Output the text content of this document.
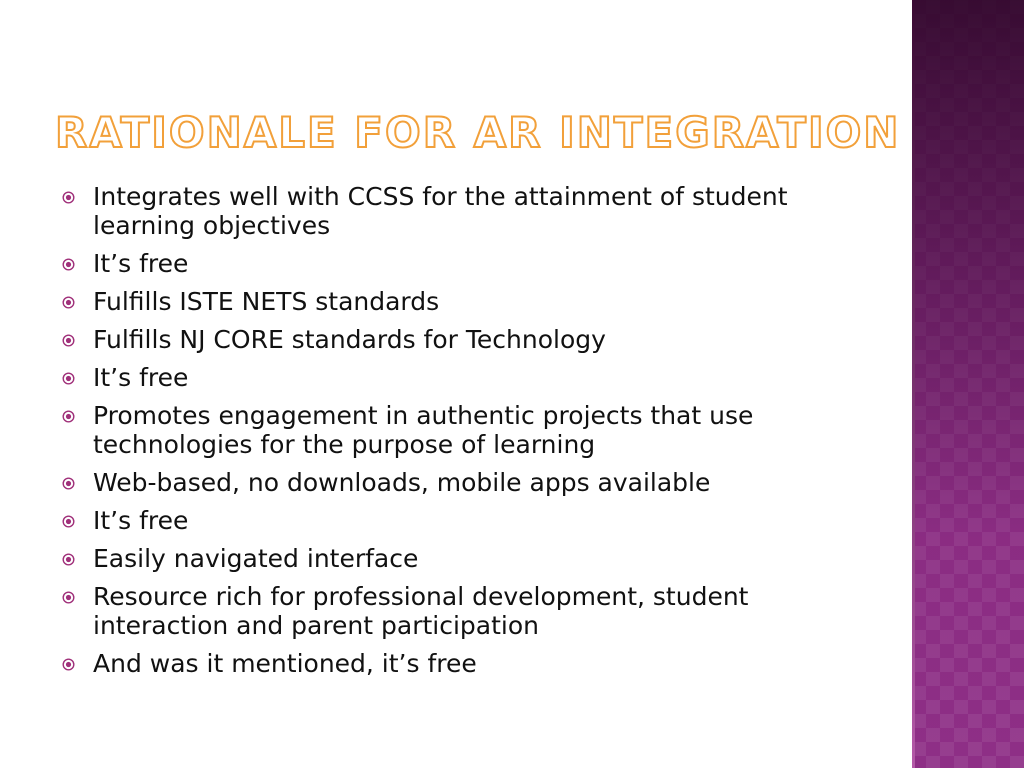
RATIONALE FOR AR INTEGRATION
Integrates well with CCSS for the attainment of student learning objectives
It’s free
Fulfills ISTE NETS standards
Fulfills NJ CORE standards for Technology
It’s free
Promotes engagement in authentic projects that use technologies for the purpose of learning
Web-based, no downloads, mobile apps available
It’s free
Easily navigated interface
Resource rich for professional development, student interaction and parent participation
And was it mentioned, it’s free
